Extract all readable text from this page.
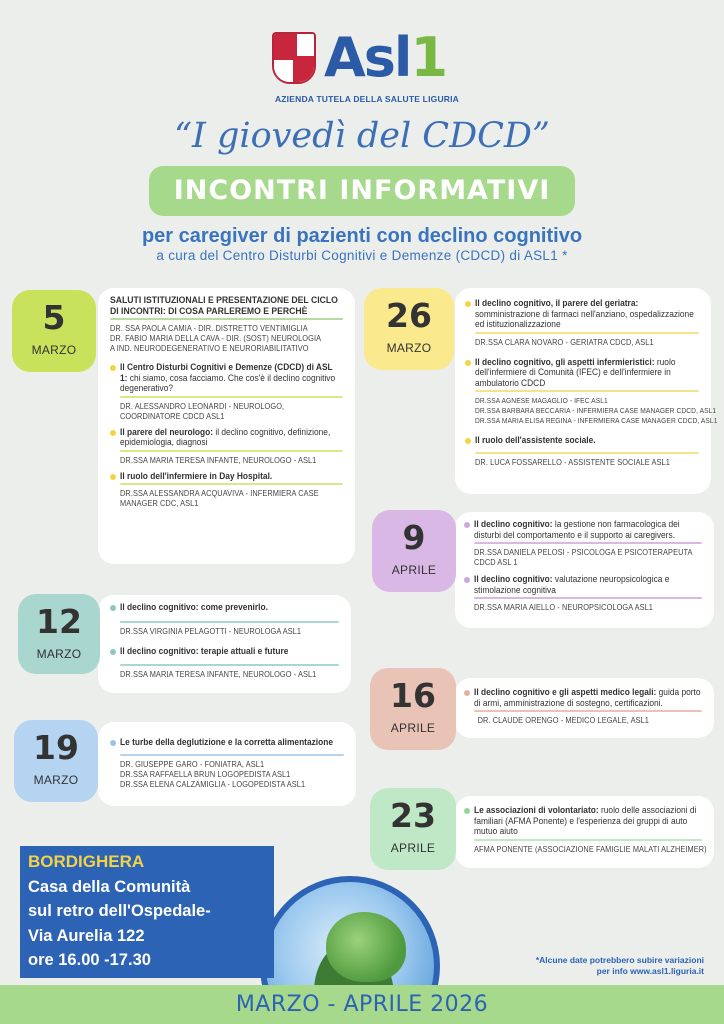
Asl1
AZIENDA TUTELA DELLA SALUTE LIGURIA
“I giovedì del CDCD”
INCONTRI INFORMATIVI
per caregiver di pazienti con declino cognitivo
a cura del Centro Disturbi Cognitivi e Demenze (CDCD) di ASL1 *
SALUTI ISTITUZIONALI E PRESENTAZIONE DEL CICLO DI INCONTRI: DI COSA PARLEREMO E PERCHÈ
DR. SSA PAOLA CAMIA - DIR. DISTRETTO VENTIMIGLIA
DR. FABIO MARIA DELLA CAVA - DIR. (SOST) NEUROLOGIA
A IND. NEURODEGENERATIVO E NEURORIABILITATIVO
Il Centro Disturbi Cognitivi e Demenze (CDCD) di ASL 1: chi siamo, cosa facciamo. Che cos'è il declino cognitivo degenerativo?
DR. ALESSANDRO LEONARDI - NEUROLOGO,
COORDINATORE CDCD ASL1
Il parere del neurologo: il declino cognitivo, definizione, epidemiologia, diagnosi
DR.SSA MARIA TERESA INFANTE, NEUROLOGO - ASL1
Il ruolo dell'infermiere in Day Hospital.
DR.SSA ALESSANDRA ACQUAVIVA - INFERMIERA CASE
MANAGER CDC, ASL1
5
MARZO
Il declino cognitivo: come prevenirlo.
DR.SSA VIRGINIA PELAGOTTI - NEUROLOGA ASL1
Il declino cognitivo: terapie attuali e future
DR.SSA MARIA TERESA INFANTE, NEUROLOGO - ASL1
12
MARZO
Le turbe della deglutizione e la corretta alimentazione
DR. GIUSEPPE GARO - FONIATRA, ASL1
DR.SSA RAFFAELLA BRUN LOGOPEDISTA ASL1
DR.SSA ELENA CALZAMIGLIA - LOGOPEDISTA ASL1
19
MARZO
Il declino cognitivo, il parere del geriatra: somministrazione di farmaci nell'anziano, ospedalizzazione ed istituzionalizzazione
DR.SSA CLARA NOVARO - GERIATRA CDCD, ASL1
Il declino cognitivo, gli aspetti infermieristici: ruolo dell'infermiere di Comunità (IFEC) e dell'infermiere in ambulatorio CDCD
DR.SSA AGNESE MAGAGLIO - IFEC ASL1
DR.SSA BARBARA BECCARIA - INFERMIERA CASE MANAGER CDCD, ASL1
DR.SSA MARIA ELISA REGINA - INFERMIERA CASE MANAGER CDCD, ASL1
Il ruolo dell'assistente sociale.
DR. LUCA FOSSARELLO - ASSISTENTE SOCIALE ASL1
26
MARZO
Il declino cognitivo: la gestione non farmacologica dei disturbi del comportamento e il supporto ai caregivers.
DR.SSA DANIELA PELOSI - PSICOLOGA E PSICOTERAPEUTA
CDCD ASL 1
Il declino cognitivo: valutazione neuropsicologica e stimolazione cognitiva
DR.SSA MARIA AIELLO - NEUROPSICOLOGA ASL1
9
APRILE
Il declino cognitivo e gli aspetti medico legali: guida porto di armi, amministrazione di sostegno, certificazioni.
DR. CLAUDE ORENGO - MEDICO LEGALE, ASL1
16
APRILE
Le associazioni di volontariato: ruolo delle associazioni di familiari (AFMA Ponente) e l'esperienza dei gruppi di auto mutuo aiuto
AFMA PONENTE (ASSOCIAZIONE FAMIGLIE MALATI ALZHEIMER)
23
APRILE
BORDIGHERA
Casa della Comunità
sul retro dell'Ospedale-
Via Aurelia 122
ore 16.00 -17.30	*Alcune date potrebbero subire variazioni
per info www.asl1.liguria.it
MARZO - APRILE 2026
